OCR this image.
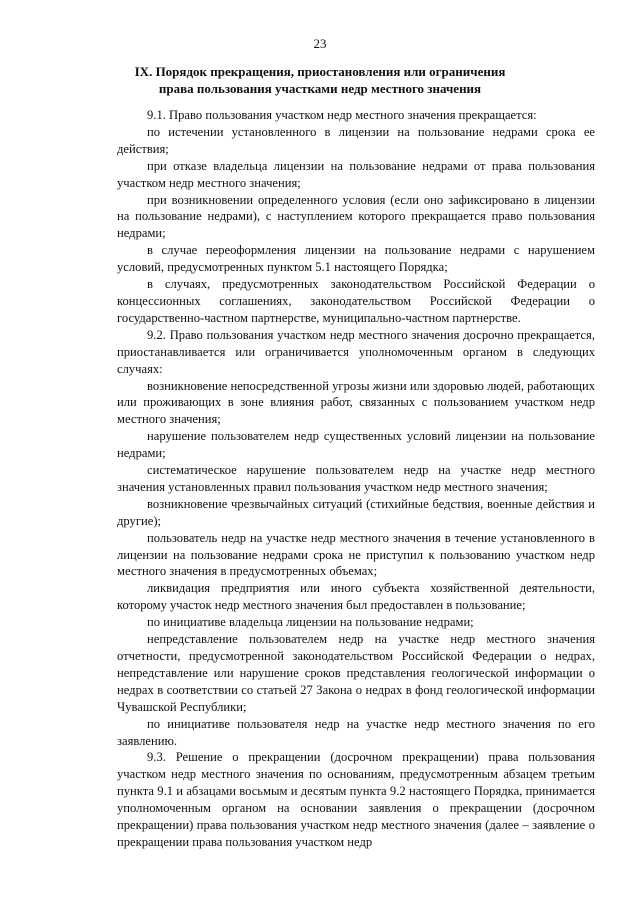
23
IX. Порядок прекращения, приостановления или ограничения права пользования участками недр местного значения

9.1. Право пользования участком недр местного значения прекращается:

по истечении установленного в лицензии на пользование недрами срока ее действия;

при отказе владельца лицензии на пользование недрами от права пользования участком недр местного значения;

при возникновении определенного условия (если оно зафиксировано в лицензии на пользование недрами), с наступлением которого прекращается право пользования недрами;

в случае переоформления лицензии на пользование недрами с нарушением условий, предусмотренных пунктом 5.1 настоящего Порядка;

в случаях, предусмотренных законодательством Российской Федерации о концессионных соглашениях, законодательством Российской Федерации о государственно-частном партнерстве, муниципально-частном партнерстве.

9.2. Право пользования участком недр местного значения досрочно прекращается, приостанавливается или ограничивается уполномоченным органом в следующих случаях:

возникновение непосредственной угрозы жизни или здоровью людей, работающих или проживающих в зоне влияния работ, связанных с пользованием участком недр местного значения;

нарушение пользователем недр существенных условий лицензии на пользование недрами;

систематическое нарушение пользователем недр на участке недр местного значения установленных правил пользования участком недр местного значения;

возникновение чрезвычайных ситуаций (стихийные бедствия, военные действия и другие);

пользователь недр на участке недр местного значения в течение установленного в лицензии на пользование недрами срока не приступил к пользованию участком недр местного значения в предусмотренных объемах;

ликвидация предприятия или иного субъекта хозяйственной деятельности, которому участок недр местного значения был предоставлен в пользование;

по инициативе владельца лицензии на пользование недрами;

непредставление пользователем недр на участке недр местного значения отчетности, предусмотренной законодательством Российской Федерации о недрах, непредставление или нарушение сроков представления геологической информации о недрах в соответствии со статьей 27 Закона о недрах в фонд геологической информации Чувашской Республики;

по инициативе пользователя недр на участке недр местного значения по его заявлению.

9.3. Решение о прекращении (досрочном прекращении) права пользования участком недр местного значения по основаниям, предусмотренным абзацем третьим пункта 9.1 и абзацами восьмым и десятым пункта 9.2 настоящего Порядка, принимается уполномоченным органом на основании заявления о прекращении (досрочном прекращении) права пользования участком недр местного значения (далее – заявление о прекращении права пользования участком недр
